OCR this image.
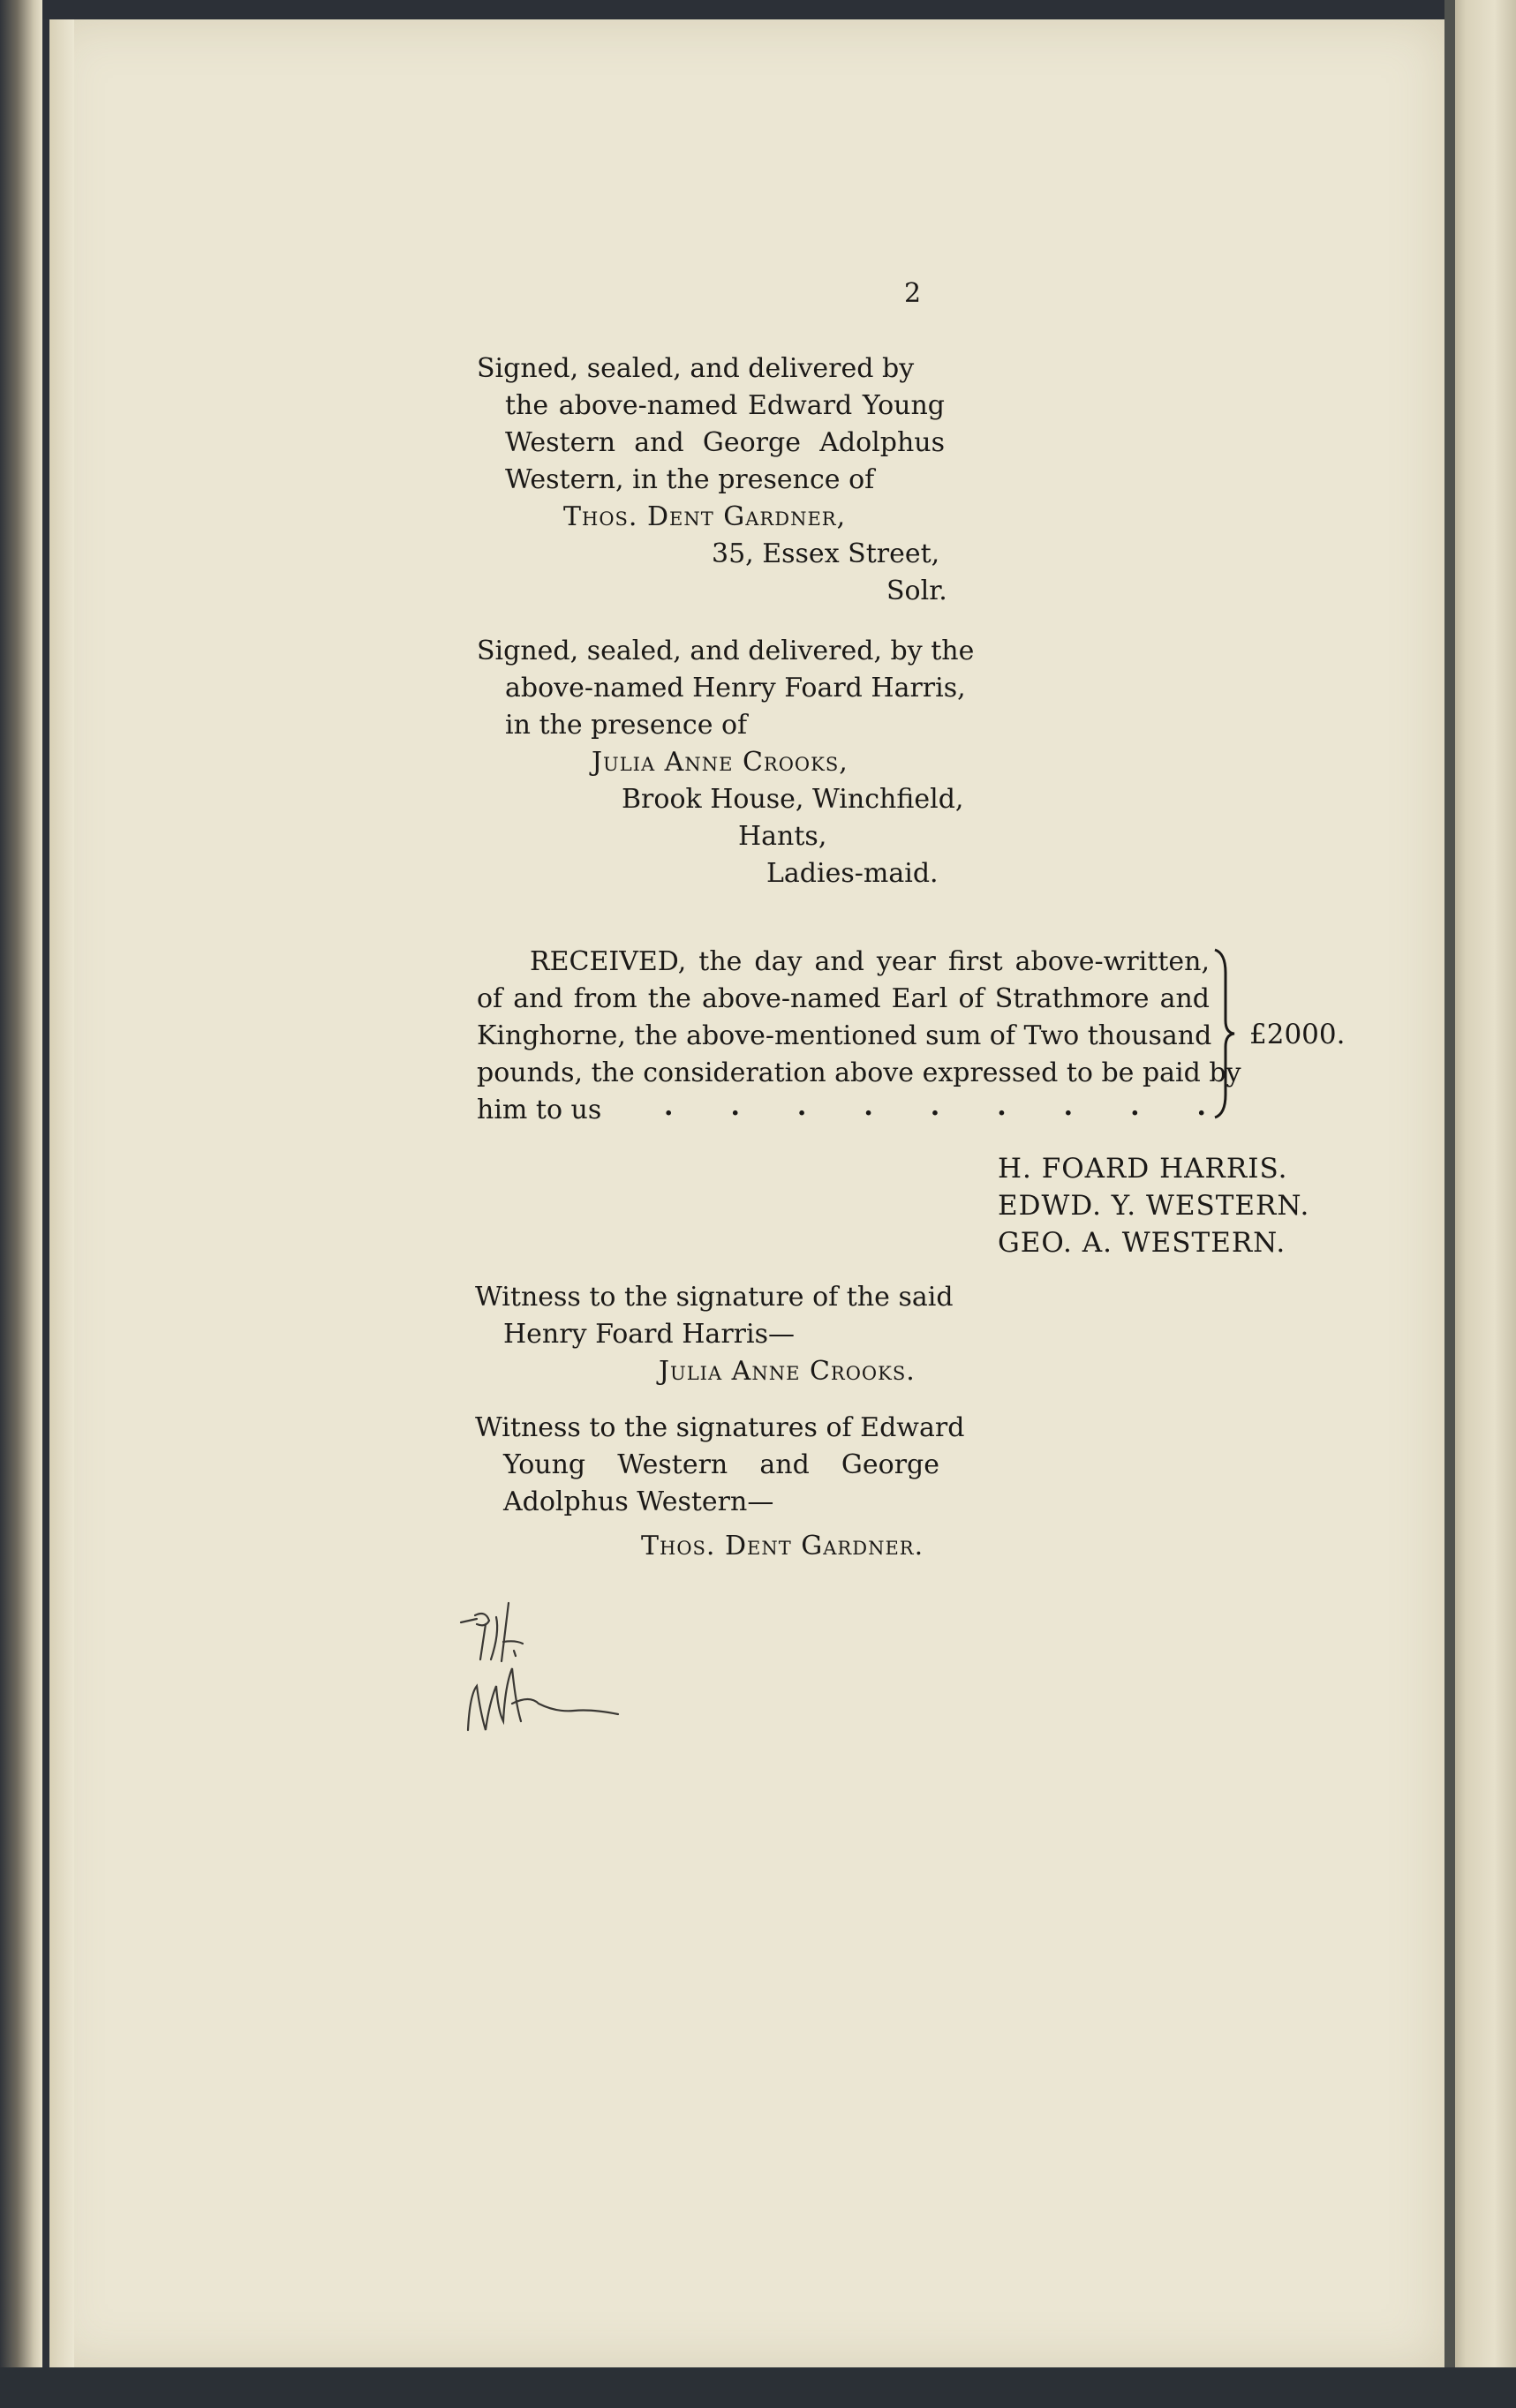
2
Signed, sealed, and delivered by
the above-named Edward Young
Western and George Adolphus
Western, in the presence of
Thos. Dent Gardner,
35, Essex Street,
Solr.
Signed, sealed, and delivered, by the
above-named Henry Foard Harris,
in the presence of
Julia Anne Crooks,
Brook House, Winchfield,
Hants,
Ladies-maid.
RECEIVED, the day and year first above-written,
of and from the above-named Earl of Strathmore and
Kinghorne, the above-mentioned sum of Two thousand
pounds, the consideration above expressed to be paid by
him to us . . . . . . . . .
£2000.
H. FOARD HARRIS.
EDWD. Y. WESTERN.
GEO. A. WESTERN.
Witness to the signature of the said
Henry Foard Harris—
Julia Anne Crooks.
Witness to the signatures of Edward
Young Western and George
Adolphus Western—
Thos. Dent Gardner.
